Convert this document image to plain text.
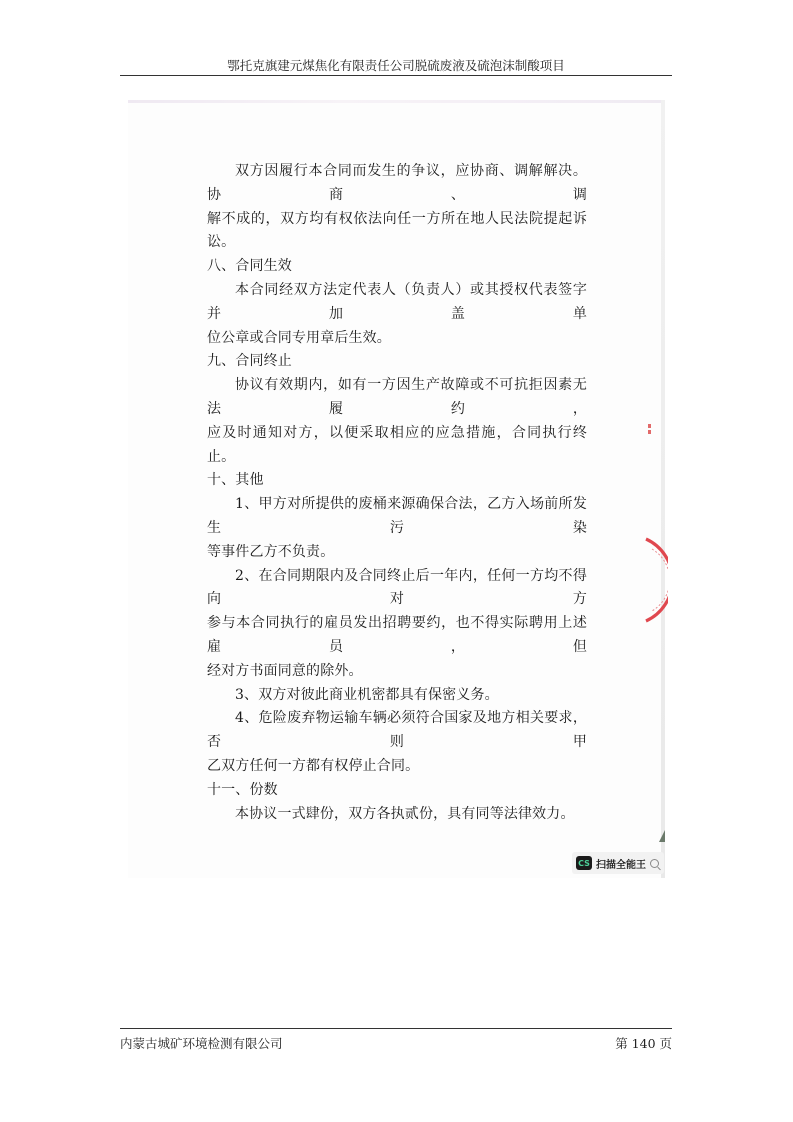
鄂托克旗建元煤焦化有限责任公司脱硫废液及硫泡沫制酸项目

双方因履行本合同而发生的争议，应协商、调解解决。协商、调

解不成的，双方均有权依法向任一方所在地人民法院提起诉讼。

八、合同生效

本合同经双方法定代表人（负责人）或其授权代表签字并加盖单

位公章或合同专用章后生效。

九、合同终止

协议有效期内，如有一方因生产故障或不可抗拒因素无法履约，

应及时通知对方，以便采取相应的应急措施，合同执行终止。

十、其他

1、甲方对所提供的废桶来源确保合法，乙方入场前所发生污染

等事件乙方不负责。

2、在合同期限内及合同终止后一年内，任何一方均不得向对方

参与本合同执行的雇员发出招聘要约，也不得实际聘用上述雇员，但

经对方书面同意的除外。

3、双方对彼此商业机密都具有保密义务。

4、危险废弃物运输车辆必须符合国家及地方相关要求，否则甲

乙双方任何一方都有权停止合同。

十一、份数

本协议一式肆份，双方各执贰份，具有同等法律效力。

CS 扫描全能王
内蒙古城矿环境检测有限公司	第 140 页
